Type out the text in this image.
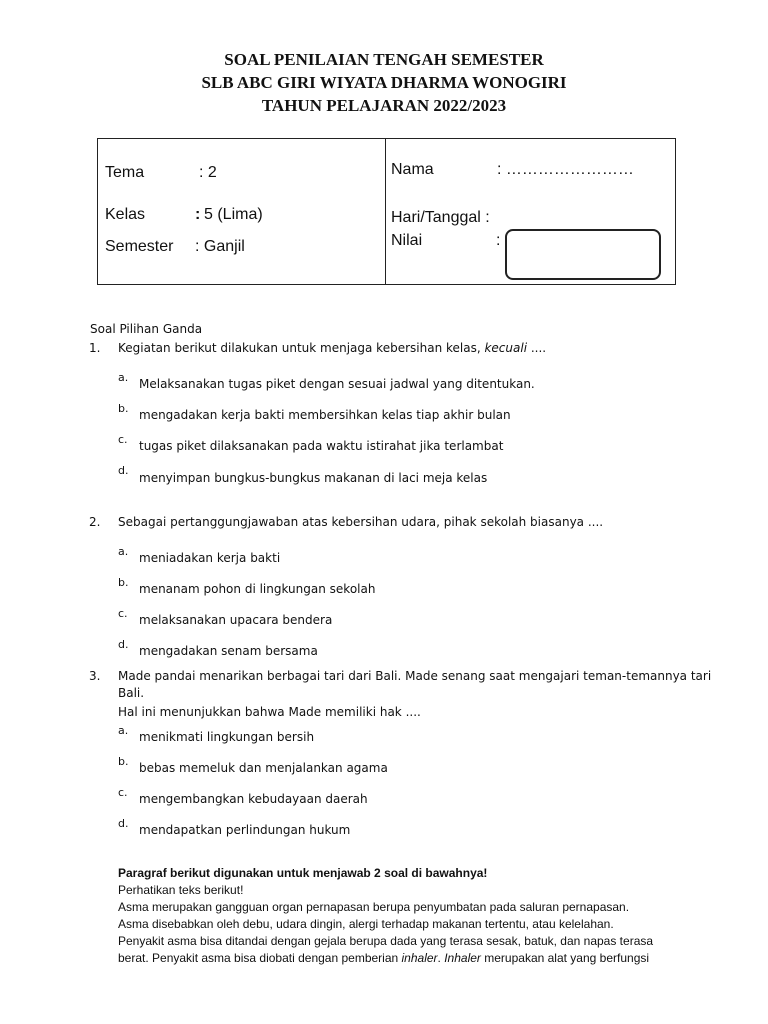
SOAL PENILAIAN TENGAH SEMESTER
SLB ABC GIRI WIYATA DHARMA WONOGIRI
TAHUN PELAJARAN 2022/2023
Tema	: 2
Kelas	: 5 (Lima)
Semester : Ganjil
Nama	: ……………………
Hari/Tanggal :
Nilai	:
Soal Pilihan Ganda
1. Kegiatan berikut dilakukan untuk menjaga kebersihan kelas, kecuali ....
a. Melaksanakan tugas piket dengan sesuai jadwal yang ditentukan.
b. mengadakan kerja bakti membersihkan kelas tiap akhir bulan
c. tugas piket dilaksanakan pada waktu istirahat jika terlambat
d.
menyimpan bungkus-bungkus makanan di laci meja kelas
2. Sebagai pertanggungjawaban atas kebersihan udara, pihak sekolah biasanya ....
a. meniadakan kerja bakti
b. menanam pohon di lingkungan sekolah
c. melaksanakan upacara bendera
d. mengadakan senam bersama
3. Made pandai menarikan berbagai tari dari Bali. Made senang saat mengajari teman-temannya tari
Bali.
Hal ini menunjukkan bahwa Made memiliki hak ....
a. menikmati lingkungan bersih
b. bebas memeluk dan menjalankan agama
c. mengembangkan kebudayaan daerah
d. mendapatkan perlindungan hukum
Paragraf berikut digunakan untuk menjawab 2 soal di bawahnya!
Perhatikan teks berikut!
Asma merupakan gangguan organ pernapasan berupa penyumbatan pada saluran pernapasan.
Asma disebabkan oleh debu, udara dingin, alergi terhadap makanan tertentu, atau kelelahan.
Penyakit asma bisa ditandai dengan gejala berupa dada yang terasa sesak, batuk, dan napas terasa
berat. Penyakit asma bisa diobati dengan pemberian inhaler. Inhaler merupakan alat yang berfungsi
